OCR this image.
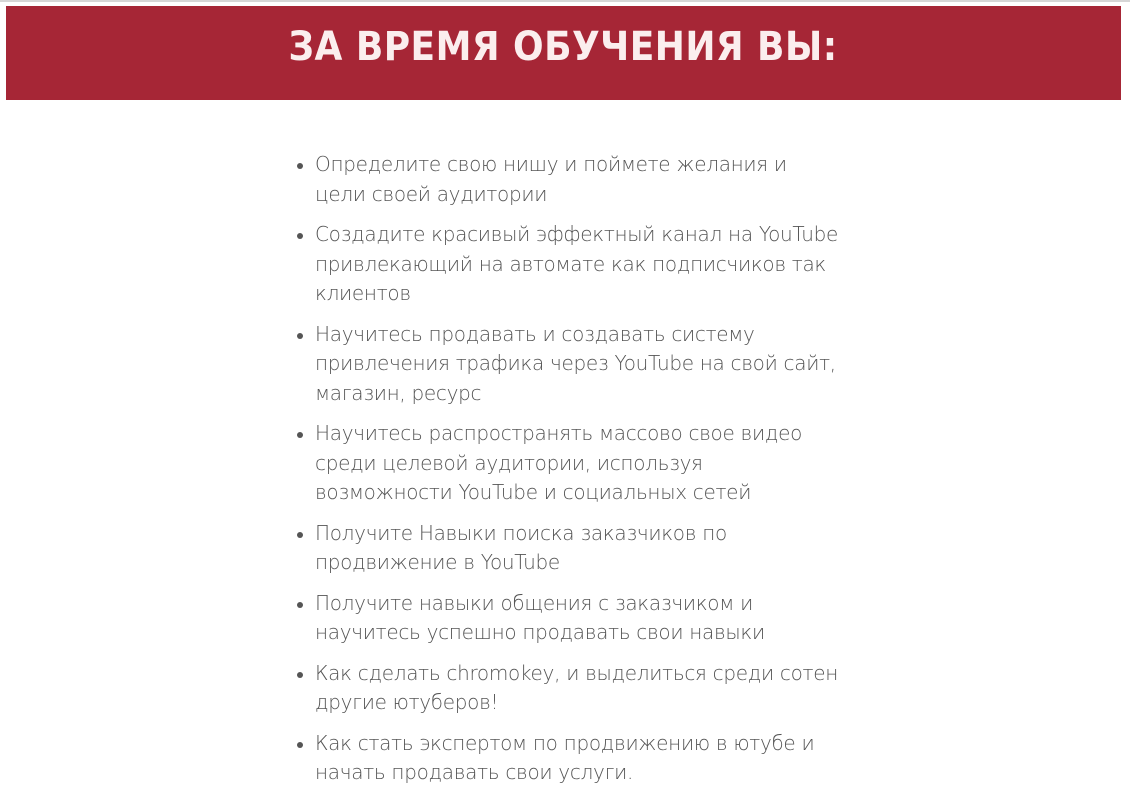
ЗА ВРЕМЯ ОБУЧЕНИЯ ВЫ:
Определите свою нишу и поймете желания и цели своей аудитории
Создадите красивый эффектный канал на YouTube привлекающий на автомате как подписчиков так клиентов
Научитесь продавать и создавать систему привлечения трафика через YouTube на свой сайт, магазин, ресурс
Научитесь распространять массово свое видео среди целевой аудитории, используя возможности YouTube и социальных сетей
Получите Навыки поиска заказчиков по продвижение в YouTube
Получите навыки общения с заказчиком и научитесь успешно продавать свои навыки
Как сделать chromokey, и выделиться среди сотен другие ютуберов!
Как стать экспертом по продвижению в ютубе и начать продавать свои услуги.
